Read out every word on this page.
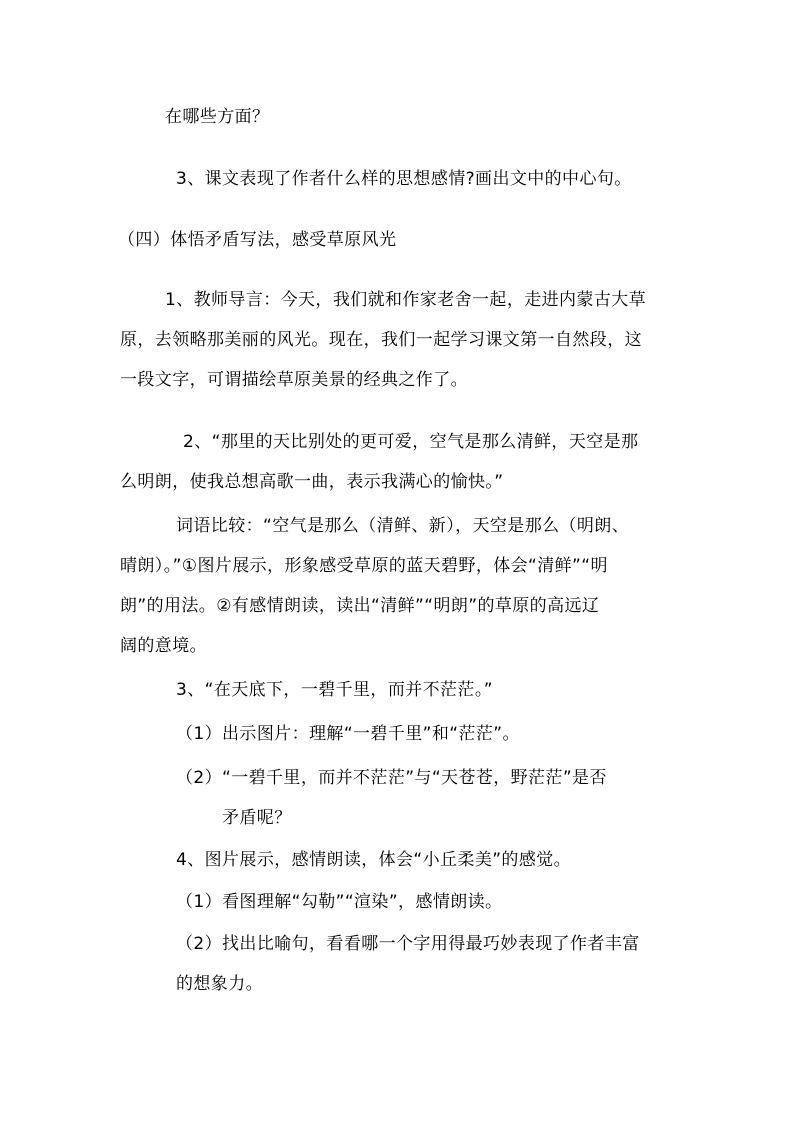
在哪些方面？
3、课文表现了作者什么样的思想感情?画出文中的中心句。
（四）体悟矛盾写法，感受草原风光
1、教师导言：今天，我们就和作家老舍一起，走进内蒙古大草
原，去领略那美丽的风光。现在，我们一起学习课文第一自然段，这
一段文字，可谓描绘草原美景的经典之作了。
2、“那里的天比别处的更可爱，空气是那么清鲜，天空是那
么明朗，使我总想高歌一曲，表示我满心的愉快。”
词语比较：“空气是那么（清鲜、新），天空是那么（明朗、
晴朗）。”①图片展示，形象感受草原的蓝天碧野，体会“清鲜”“明
朗”的用法。②有感情朗读，读出“清鲜”“明朗”的草原的高远辽
阔的意境。
3、“在天底下，一碧千里，而并不茫茫。”
（1）出示图片：理解“一碧千里”和“茫茫”。
（2）“一碧千里，而并不茫茫”与“天苍苍，野茫茫”是否
矛盾呢？
4、图片展示，感情朗读，体会“小丘柔美”的感觉。
（1）看图理解“勾勒”“渲染”，感情朗读。
（2）找出比喻句，看看哪一个字用得最巧妙表现了作者丰富
的想象力。
